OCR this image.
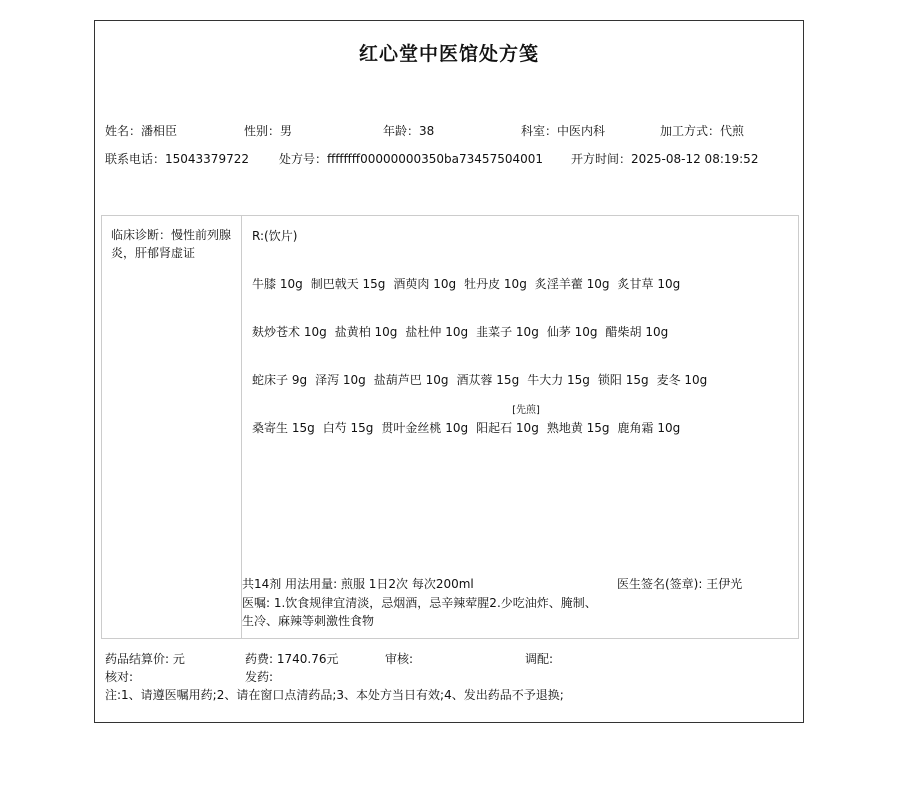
红心堂中医馆处方笺
姓名：潘相臣	性别：男	年龄：38	科室：中医内科	加工方式：代煎
联系电话：15043379722	处方号：ffffffff00000000350ba73457504001 开方时间：2025-08-12 08:19:52
临床诊断：慢性前列腺炎，肝郁肾虚证
R:(饮片)
牛膝 10g 制巴戟天 15g 酒萸肉 10g 牡丹皮 10g 炙淫羊藿 10g 炙甘草 10g
麸炒苍术 10g 盐黄柏 10g 盐杜仲 10g 韭菜子 10g 仙茅 10g 醋柴胡 10g
蛇床子 9g 泽泻 10g 盐葫芦巴 10g 酒苁蓉 15g 牛大力 15g 锁阳 15g 麦冬 10g
桑寄生 15g 白芍 15g 贯叶金丝桃 10g
[先煎]
阳起石 10g 熟地黄 15g 鹿角霜 10g
共14剂 用法用量: 煎服 1日2次 每次200ml	医生签名(签章): 王伊光
医嘱: 1.饮食规律宜清淡，忌烟酒，忌辛辣荤腥2.少吃油炸、腌制、生冷、麻辣等刺激性食物
药品结算价: 元	药费: 1740.76元	审核:	调配:
核对:	发药:
注:1、请遵医嘱用药;2、请在窗口点清药品;3、本处方当日有效;4、发出药品不予退换;
